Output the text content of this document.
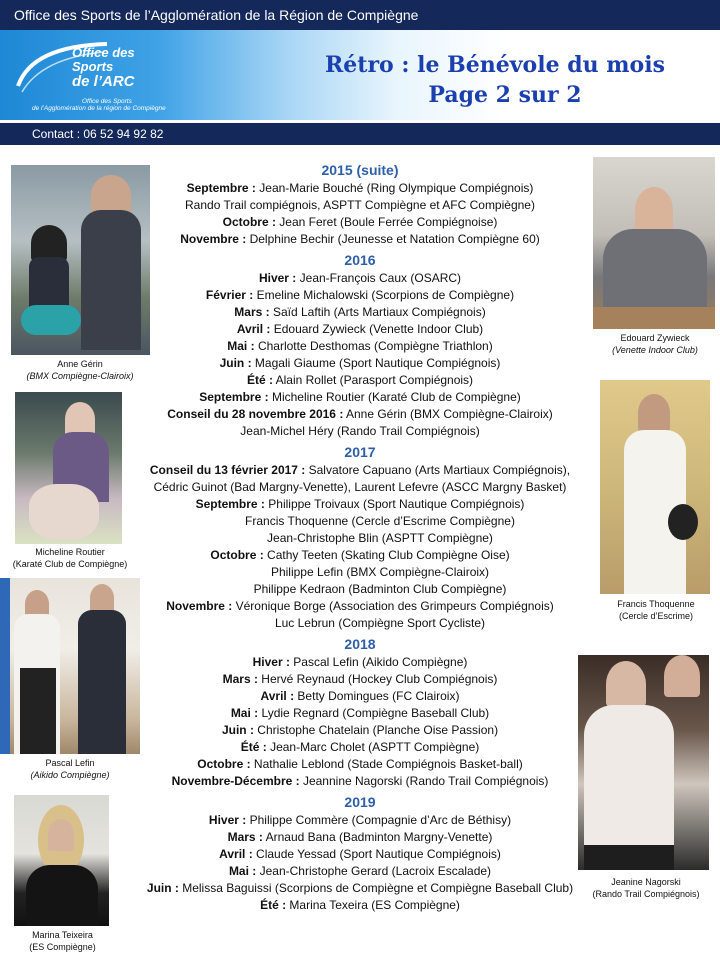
Office des Sports de l’Agglomération de la Région de Compiègne
Office des
Sports
de l’ARC
Office des Sports
de l’Agglomération de la région de Compiègne
Rétro : le Bénévole du mois
Page 2 sur 2
Contact : 06 52 94 92 82
Anne Gérin
(BMX Compiègne-Clairoix)
Edouard Zywieck
(Venette Indoor Club)
Micheline Routier
(Karaté Club de Compiègne)
Francis Thoquenne
(Cercle d’Escrime)
Pascal Lefin
(Aikido Compiègne)
Jeanine Nagorski
(Rando Trail Compiégnois)
Marina Teixeira
(ES Compiègne)
2015 (suite)
Septembre : Jean-Marie Bouché (Ring Olympique Compiégnois)
Rando Trail compiégnois, ASPTT Compiègne et AFC Compiègne)
Octobre : Jean Feret (Boule Ferrée Compiégnoise)
Novembre : Delphine Bechir (Jeunesse et Natation Compiègne 60)
2016
Hiver : Jean-François Caux (OSARC)
Février : Emeline Michalowski (Scorpions de Compiègne)
Mars : Saïd Laftih (Arts Martiaux Compiégnois)
Avril : Edouard Zywieck (Venette Indoor Club)
Mai : Charlotte Desthomas (Compiègne Triathlon)
Juin : Magali Giaume (Sport Nautique Compiégnois)
Été : Alain Rollet (Parasport Compiégnois)
Septembre : Micheline Routier (Karaté Club de Compiègne)
Conseil du 28 novembre 2016 : Anne Gérin (BMX Compiègne-Clairoix)
Jean-Michel Héry (Rando Trail Compiégnois)
2017
Conseil du 13 février 2017 : Salvatore Capuano (Arts Martiaux Compiégnois),
Cédric Guinot (Bad Margny-Venette), Laurent Lefevre (ASCC Margny Basket)
Septembre : Philippe Troivaux (Sport Nautique Compiégnois)
Francis Thoquenne (Cercle d’Escrime Compiègne)
Jean-Christophe Blin (ASPTT Compiègne)
Octobre : Cathy Teeten (Skating Club Compiègne Oise)
Philippe Lefin (BMX Compiègne-Clairoix)
Philippe Kedraon (Badminton Club Compiègne)
Novembre : Véronique Borge (Association des Grimpeurs Compiégnois)
Luc Lebrun (Compiègne Sport Cycliste)
2018
Hiver : Pascal Lefin (Aikido Compiègne)
Mars : Hervé Reynaud (Hockey Club Compiégnois)
Avril : Betty Domingues (FC Clairoix)
Mai : Lydie Regnard (Compiègne Baseball Club)
Juin : Christophe Chatelain (Planche Oise Passion)
Été : Jean-Marc Cholet (ASPTT Compiègne)
Octobre : Nathalie Leblond (Stade Compiégnois Basket-ball)
Novembre-Décembre : Jeannine Nagorski (Rando Trail Compiégnois)
2019
Hiver : Philippe Commère (Compagnie d’Arc de Béthisy)
Mars : Arnaud Bana (Badminton Margny-Venette)
Avril : Claude Yessad (Sport Nautique Compiégnois)
Mai : Jean-Christophe Gerard (Lacroix Escalade)
Juin : Melissa Baguissi (Scorpions de Compiègne et Compiègne Baseball Club)
Été : Marina Texeira (ES Compiègne)
